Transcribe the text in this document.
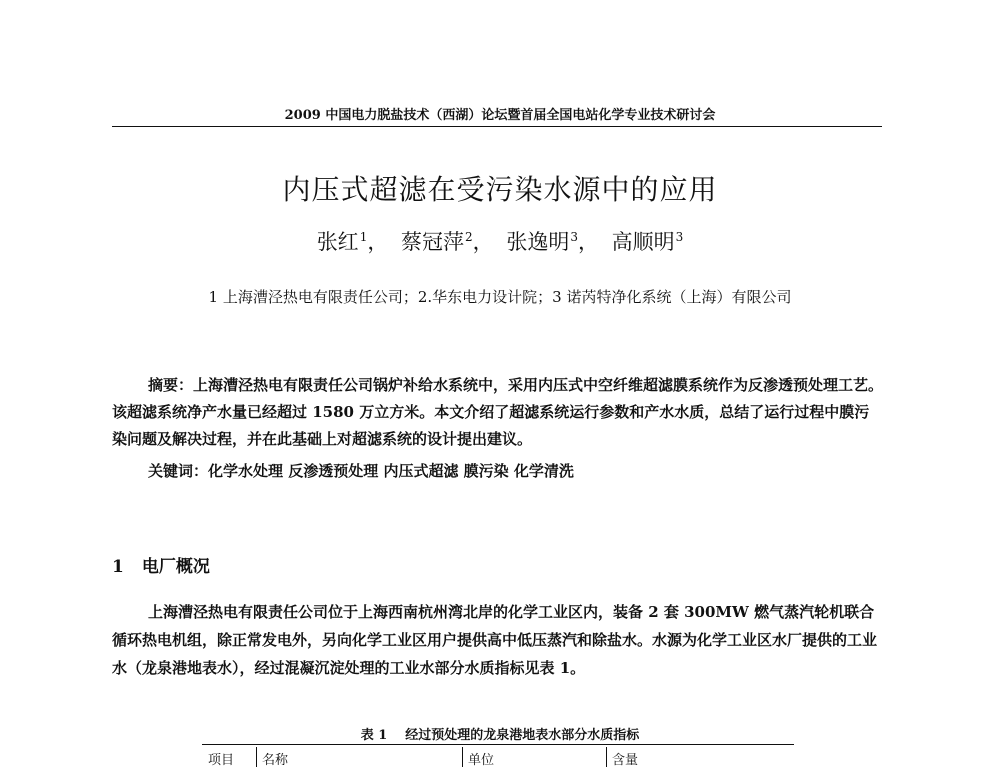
2009 中国电力脱盐技术（西湖）论坛暨首届全国电站化学专业技术研讨会
内压式超滤在受污染水源中的应用
张红$^1$， 蔡冠萍$^2$， 张逸明$^3$， 高顺明$^3$
1 上海漕泾热电有限责任公司；2.华东电力设计院；3 诺芮特净化系统（上海）有限公司
摘要：上海漕泾热电有限责任公司锅炉补给水系统中，采用内压式中空纤维超滤膜系统作为反渗透预处理工艺。该超滤系统净产水量已经超过 1580 万立方米。本文介绍了超滤系统运行参数和产水水质，总结了运行过程中膜污染问题及解决过程，并在此基础上对超滤系统的设计提出建议。
关键词：化学水处理 反渗透预处理 内压式超滤 膜污染 化学清洗
1 电厂概况
上海漕泾热电有限责任公司位于上海西南杭州湾北岸的化学工业区内，装备 2 套 300MW 燃气蒸汽轮机联合循环热电机组，除正常发电外，另向化学工业区用户提供高中低压蒸汽和除盐水。水源为化学工业区水厂提供的工业水（龙泉港地表水），经过混凝沉淀处理的工业水部分水质指标见表 1。
表 1 经过预处理的龙泉港地表水部分水质指标
项目 名称	单位	含量
